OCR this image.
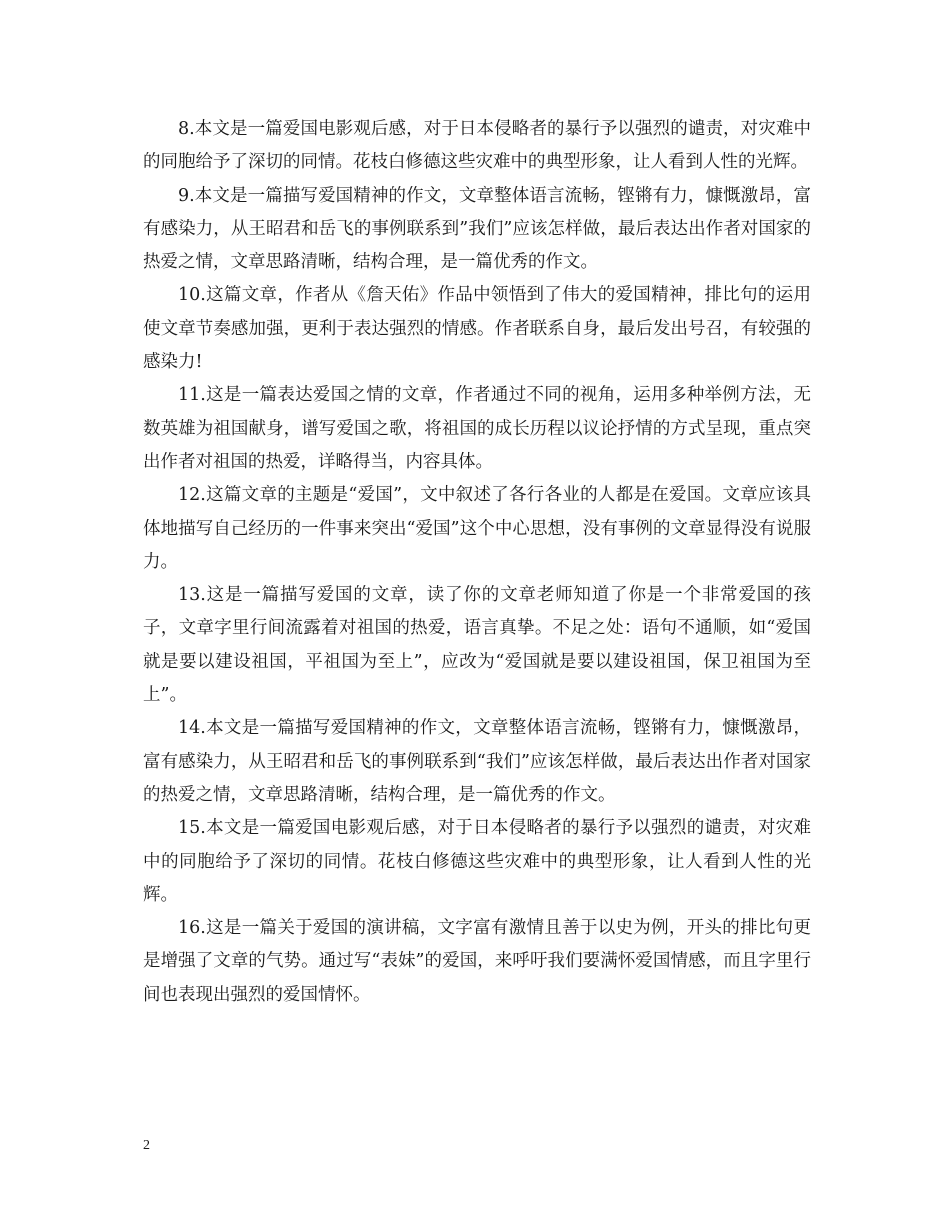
8.本文是一篇爱国电影观后感，对于日本侵略者的暴行予以强烈的谴责，对灾难中的同胞给予了深切的同情。花枝白修德这些灾难中的典型形象，让人看到人性的光辉。

9.本文是一篇描写爱国精神的作文，文章整体语言流畅，铿锵有力，慷慨激昂，富有感染力，从王昭君和岳飞的事例联系到”我们”应该怎样做，最后表达出作者对国家的热爱之情，文章思路清晰，结构合理，是一篇优秀的作文。

10.这篇文章，作者从《詹天佑》作品中领悟到了伟大的爱国精神，排比句的运用使文章节奏感加强，更利于表达强烈的情感。作者联系自身，最后发出号召，有较强的感染力!

11.这是一篇表达爱国之情的文章，作者通过不同的视角，运用多种举例方法，无数英雄为祖国献身，谱写爱国之歌，将祖国的成长历程以议论抒情的方式呈现，重点突出作者对祖国的热爱，详略得当，内容具体。

12.这篇文章的主题是“爱国”，文中叙述了各行各业的人都是在爱国。文章应该具体地描写自己经历的一件事来突出“爱国”这个中心思想，没有事例的文章显得没有说服力。

13.这是一篇描写爱国的文章，读了你的文章老师知道了你是一个非常爱国的孩子，文章字里行间流露着对祖国的热爱，语言真挚。不足之处：语句不通顺，如“爱国就是要以建设祖国，平祖国为至上”，应改为“爱国就是要以建设祖国，保卫祖国为至上”。

14.本文是一篇描写爱国精神的作文，文章整体语言流畅，铿锵有力，慷慨激昂，富有感染力，从王昭君和岳飞的事例联系到“我们”应该怎样做，最后表达出作者对国家的热爱之情，文章思路清晰，结构合理，是一篇优秀的作文。

15.本文是一篇爱国电影观后感，对于日本侵略者的暴行予以强烈的谴责，对灾难中的同胞给予了深切的同情。花枝白修德这些灾难中的典型形象，让人看到人性的光辉。

16.这是一篇关于爱国的演讲稿，文字富有激情且善于以史为例，开头的排比句更是增强了文章的气势。通过写“表妹”的爱国，来呼吁我们要满怀爱国情感，而且字里行间也表现出强烈的爱国情怀。

2
